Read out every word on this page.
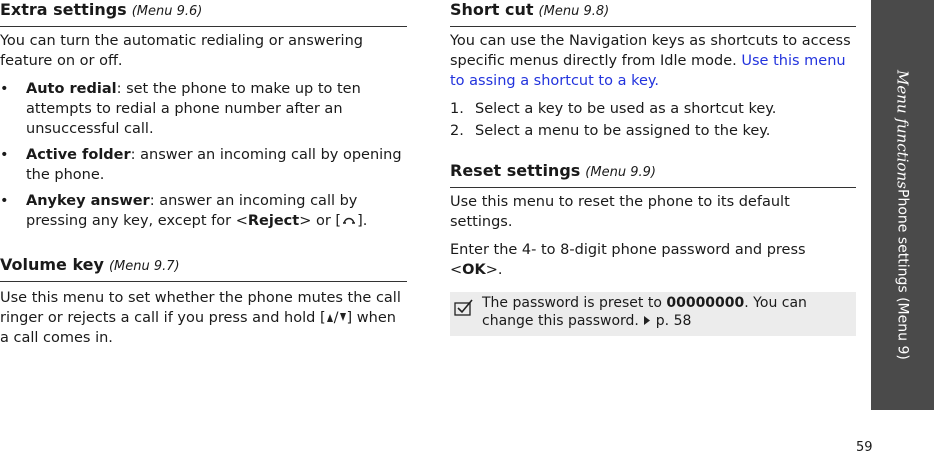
Extra settings (Menu 9.6)

You can turn the automatic redialing or answering feature on or off.

•	Auto redial: set the phone to make up to ten attempts to redial a phone number after an unsuccessful call.
•	Active folder: answer an incoming call by opening the phone.
•	Anykey answer: answer an incoming call by pressing any key, except for <Reject> or [ ].
Volume key (Menu 9.7)

Use this menu to set whether the phone mutes the call ringer or rejects a call if you press and hold [ / ] when a call comes in.

Short cut (Menu 9.8)

You can use the Navigation keys as shortcuts to access specific menus directly from Idle mode. Use this menu to assing a shortcut to a key.

1. Select a key to be used as a shortcut key.
2. Select a menu to be assigned to the key.
Reset settings (Menu 9.9)

Use this menu to reset the phone to its default settings.

Enter the 4- to 8-digit phone password and press <OK>.

The password is preset to 00000000. You can change this password.  p. 58
Menu functions
Phone settings (Menu 9)
59
